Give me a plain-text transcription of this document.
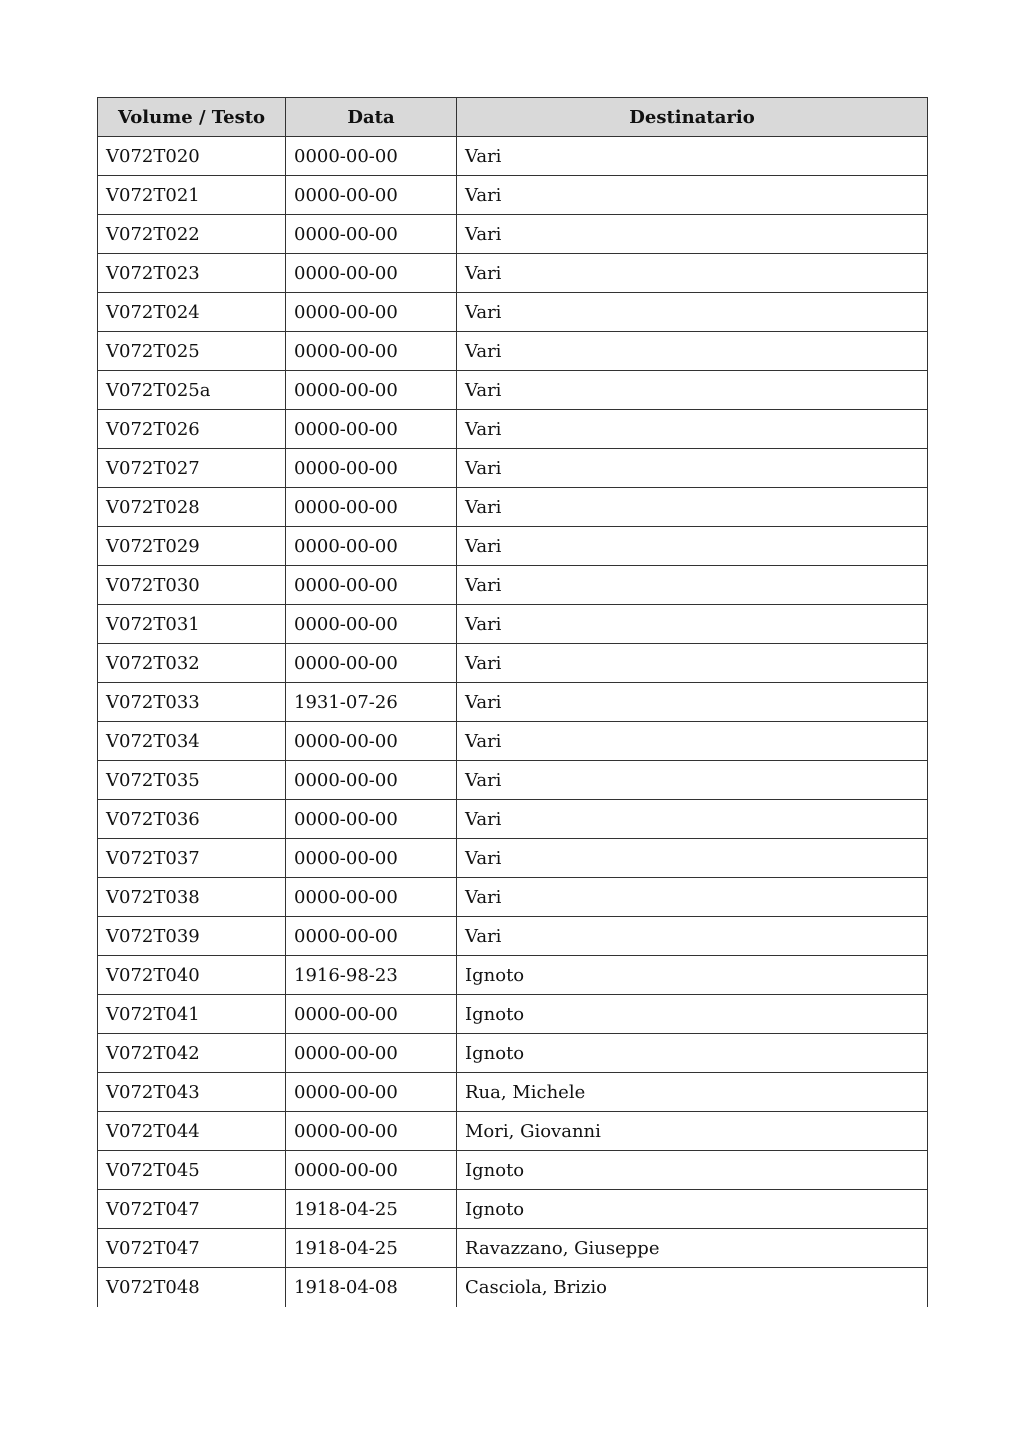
Volume / Testo	Data	Destinatario
V072T020	0000-00-00	Vari
V072T021	0000-00-00	Vari
V072T022	0000-00-00	Vari
V072T023	0000-00-00	Vari
V072T024	0000-00-00	Vari
V072T025	0000-00-00	Vari
V072T025a	0000-00-00	Vari
V072T026	0000-00-00	Vari
V072T027	0000-00-00	Vari
V072T028	0000-00-00	Vari
V072T029	0000-00-00	Vari
V072T030	0000-00-00	Vari
V072T031	0000-00-00	Vari
V072T032	0000-00-00	Vari
V072T033	1931-07-26	Vari
V072T034	0000-00-00	Vari
V072T035	0000-00-00	Vari
V072T036	0000-00-00	Vari
V072T037	0000-00-00	Vari
V072T038	0000-00-00	Vari
V072T039	0000-00-00	Vari
V072T040	1916-98-23	Ignoto
V072T041	0000-00-00	Ignoto
V072T042	0000-00-00	Ignoto
V072T043	0000-00-00	Rua, Michele
V072T044	0000-00-00	Mori, Giovanni
V072T045	0000-00-00	Ignoto
V072T047	1918-04-25	Ignoto
V072T047	1918-04-25	Ravazzano, Giuseppe
V072T048	1918-04-08	Casciola, Brizio
